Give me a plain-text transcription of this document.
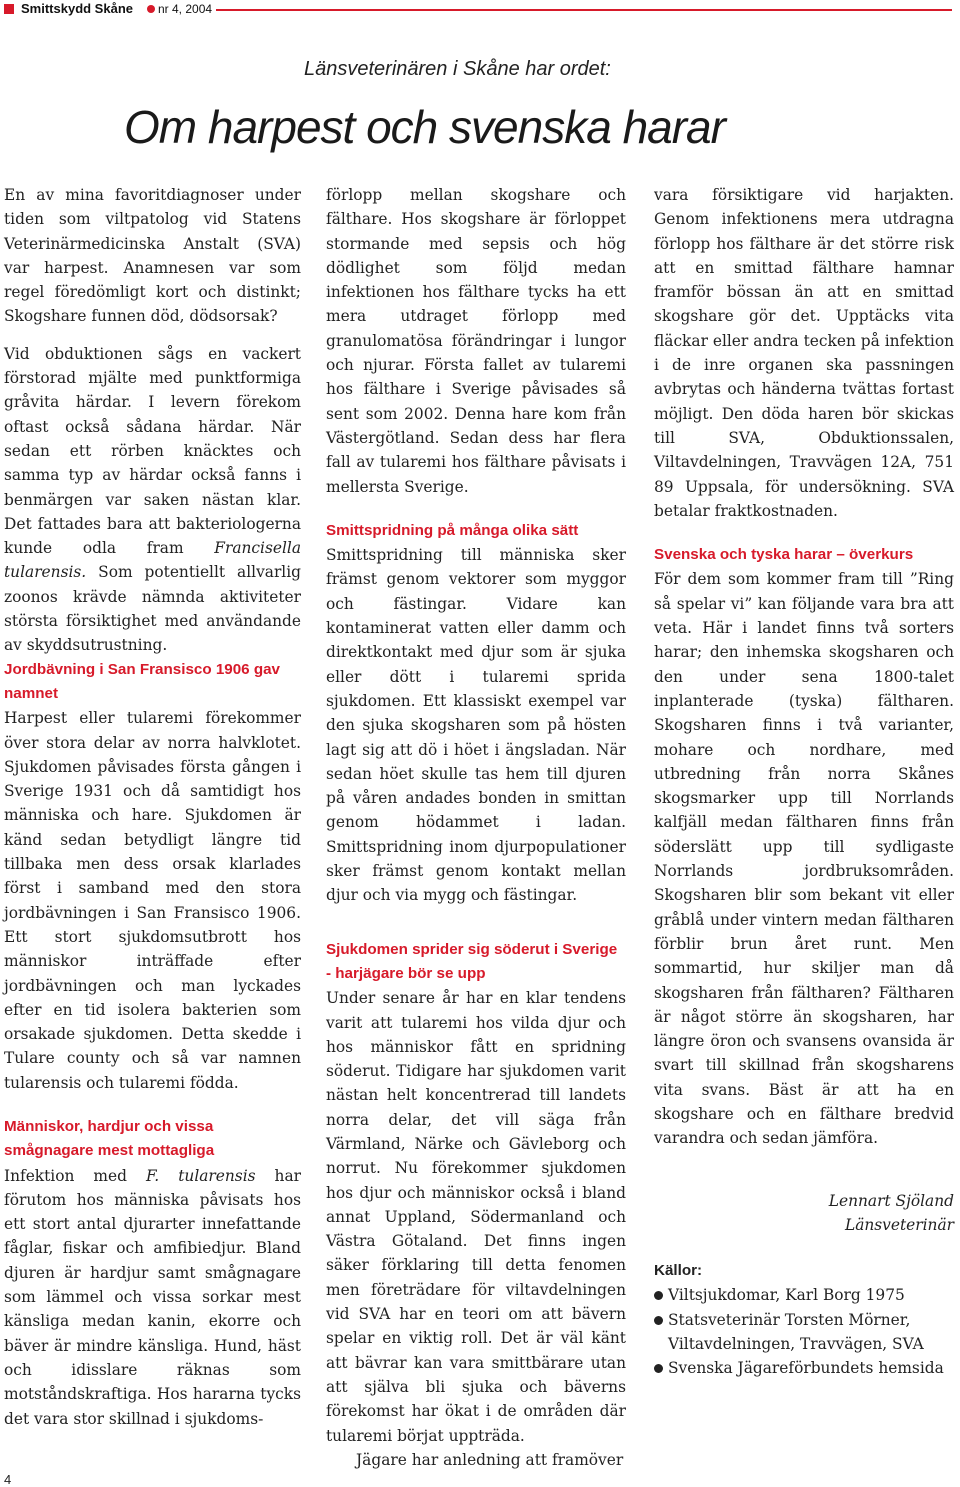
Smittskydd Skåne nr 4, 2004
Länsveterinären i Skåne har ordet:
Om harpest och svenska harar

En av mina favoritdiagnoser under tiden som viltpatolog vid Statens Veterinärmedicinska Anstalt (SVA) var harpest. Anamnesen var som regel föredömligt kort och distinkt; Skogshare funnen död, dödsorsak?

Vid obduktionen sågs en vackert förstorad mjälte med punktformiga gråvita härdar. I levern förekom oftast också sådana härdar. När sedan ett rörben knäcktes och samma typ av härdar också fanns i benmärgen var saken nästan klar. Det fattades bara att bakteriologerna kunde odla fram Francisella tularensis. Som potentiellt allvarlig zoonos krävde nämnda aktiviteter största försiktighet med användande av skyddsutrustning.

Jordbävning i San Fransisco 1906 gav namnet

Harpest eller tularemi förekommer över stora delar av norra halvklotet. Sjukdomen påvisades första gången i Sverige 1931 och då samtidigt hos människa och hare. Sjukdomen är känd sedan betydligt längre tid tillbaka men dess orsak klarlades först i samband med den stora jordbävningen i San Fransisco 1906. Ett stort sjukdomsutbrott hos människor inträffade efter jordbävningen och man lyckades efter en tid isolera bakterien som orsakade sjukdomen. Detta skedde i Tulare county och så var namnen tularensis och tularemi födda.

Människor, hardjur och vissa smågnagare mest mottagliga

Infektion med F. tularensis har förutom hos människa påvisats hos ett stort antal djurarter innefattande fåglar, fiskar och amfibiedjur. Bland djuren är hardjur samt smågnagare som lämmel och vissa sorkar mest känsliga medan kanin, ekorre och bäver är mindre känsliga. Hund, häst och idisslare räknas som motståndskraftiga. Hos hararna tycks det vara stor skillnad i sjukdoms-

förlopp mellan skogshare och fälthare. Hos skogshare är förloppet stormande med sepsis och hög dödlighet som följd medan infektionen hos fälthare tycks ha ett mera utdraget förlopp med granulomatösa förändringar i lungor och njurar. Första fallet av tularemi hos fälthare i Sverige påvisades så sent som 2002. Denna hare kom från Västergötland. Sedan dess har flera fall av tularemi hos fälthare påvisats i mellersta Sverige.

Smittspridning på många olika sätt

Smittspridning till människa sker främst genom vektorer som myggor och fästingar. Vidare kan kontaminerat vatten eller damm och direktkontakt med djur som är sjuka eller dött i tularemi sprida sjukdomen. Ett klassiskt exempel var den sjuka skogsharen som på hösten lagt sig att dö i höet i ängsladan. När sedan höet skulle tas hem till djuren på våren andades bonden in smittan genom hödammet i ladan. Smittspridning inom djurpopulationer sker främst genom kontakt mellan djur och via mygg och fästingar.

Sjukdomen sprider sig söderut i Sverige - harjägare bör se upp

Under senare år har en klar tendens varit att tularemi hos vilda djur och hos människor fått en spridning söderut. Tidigare har sjukdomen varit nästan helt koncentrerad till landets norra delar, det vill säga från Värmland, Närke och Gävleborg och norrut. Nu förekommer sjukdomen hos djur och människor också i bland annat Uppland, Södermanland och Västra Götaland. Det finns ingen säker förklaring till detta fenomen men företrädare för viltavdelningen vid SVA har en teori om att bävern spelar en viktig roll. Det är väl känt att bävrar kan vara smittbärare utan att själva bli sjuka och bäverns förekomst har ökat i de områden där tularemi börjat uppträda.

Jägare har anledning att framöver

vara försiktigare vid harjakten. Genom infektionens mera utdragna förlopp hos fälthare är det större risk att en smittad fälthare hamnar framför bössan än att en smittad skogshare gör det. Upptäcks vita fläckar eller andra tecken på infektion i de inre organen ska passningen avbrytas och händerna tvättas fortast möjligt. Den döda haren bör skickas till SVA, Obduktionssalen, Viltavdelningen, Travvägen 12A, 751 89 Uppsala, för undersökning. SVA betalar fraktkostnaden.

Svenska och tyska harar – överkurs

För dem som kommer fram till ”Ring så spelar vi” kan följande vara bra att veta. Här i landet finns två sorters harar; den inhemska skogsharen och den under sena 1800-talet inplanterade (tyska) fältharen. Skogsharen finns i två varianter, mohare och nordhare, med utbredning från norra Skånes skogsmarker upp till Norrlands kalfjäll medan fältharen finns från söderslätt upp till sydligaste Norrlands jordbruksområden. Skogsharen blir som bekant vit eller gråblå under vintern medan fältharen förblir brun året runt. Men sommartid, hur skiljer man då skogsharen från fältharen? Fältharen är något större än skogsharen, har längre öron och svansens ovansida är svart till skillnad från skogsharens vita svans. Bäst är att ha en skogshare och en fälthare bredvid varandra och sedan jämföra.

Lennart Sjöland
Länsveterinär
Källor:

Viltsjukdomar, Karl Borg 1975

Statsveterinär Torsten Mörner, Viltavdelningen, Travvägen, SVA

Svenska Jägareförbundets hemsida

4
